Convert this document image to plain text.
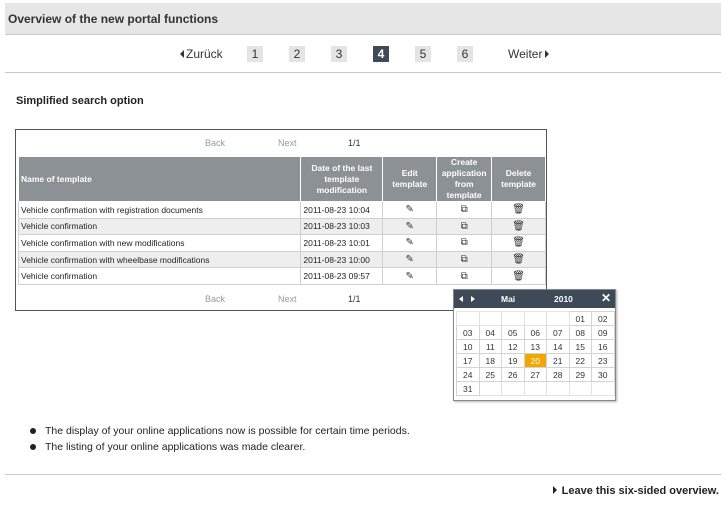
Overview of the new portal functions
Zurück	1	2	3	4	5	6	Weiter
Simplified search option
Back	Next	1/1
Name of template	Date of the last template modification	Edit template	Create application from template	Delete template
Vehicle confirmation with registration documents	2011-08-23 10:04	✎	⧉	🗑
Vehicle confirmation	2011-08-23 10:03	✎	⧉	🗑
Vehicle confirmation with new modifications	2011-08-23 10:01	✎	⧉	🗑
Vehicle confirmation with wheelbase modifications	2011-08-23 10:00	✎	⧉	🗑
Vehicle confirmation	2011-08-23 09:57	✎	⧉	🗑
Back	Next	1/1	Mai	2010 ✕
					01	02
03	04	05	06	07	08	09
10	11	12	13	14	15	16
17	18	19	20	21	22	23
24	25	26	27	28	29	30
31						
The display of your online applications now is possible for certain time periods.
The listing of your online applications was made clearer.
Leave this six-sided overview.
